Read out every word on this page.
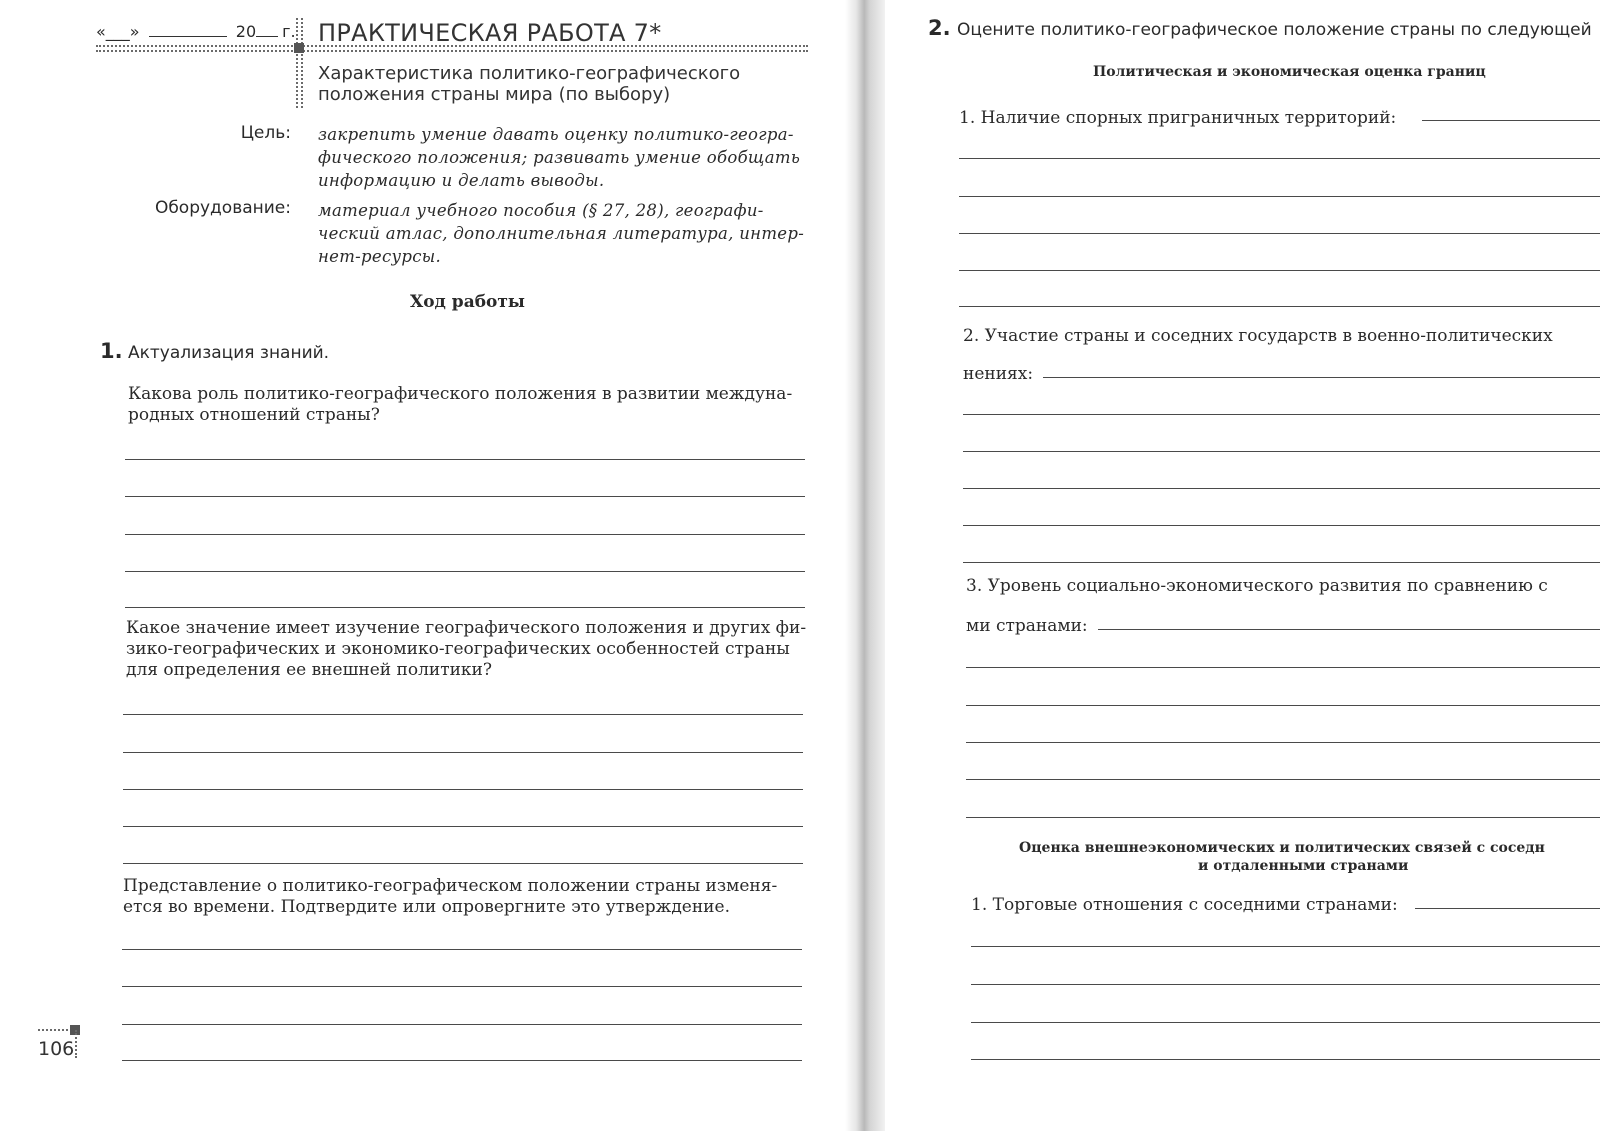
«___»	20 г. ПРАКТИЧЕСКАЯ РАБОТА 7*
Характеристика политико-географического
положения страны мира (по выбору)
Цель: закрепить умение давать оценку политико-геогра-
фического положения; развивать умение обобщать
информацию и делать выводы.
Оборудование: материал учебного пособия (§ 27, 28), географи-
ческий атлас, дополнительная литература, интер-
нет-ресурсы.
Ход работы
1. Актуализация знаний.
Какова роль политико-географического положения в развитии междуна-
родных отношений страны?
Какое значение имеет изучение географического положения и других фи-
зико-географических и экономико-географических особенностей страны
для определения ее внешней политики?
Представление о политико-географическом положении страны изменя-
ется во времени. Подтвердите или опровергните это утверждение.
106
2. Оцените политико-географическое положение страны по следующей
Политическая и экономическая оценка границ
1. Наличие спорных приграничных территорий:
2. Участие страны и соседних государств в военно-политических
нениях:
3. Уровень социально-экономического развития по сравнению с
ми странами:
Оценка внешнеэкономических и политических связей с соседн
и отдаленными странами
1. Торговые отношения с соседними странами:
